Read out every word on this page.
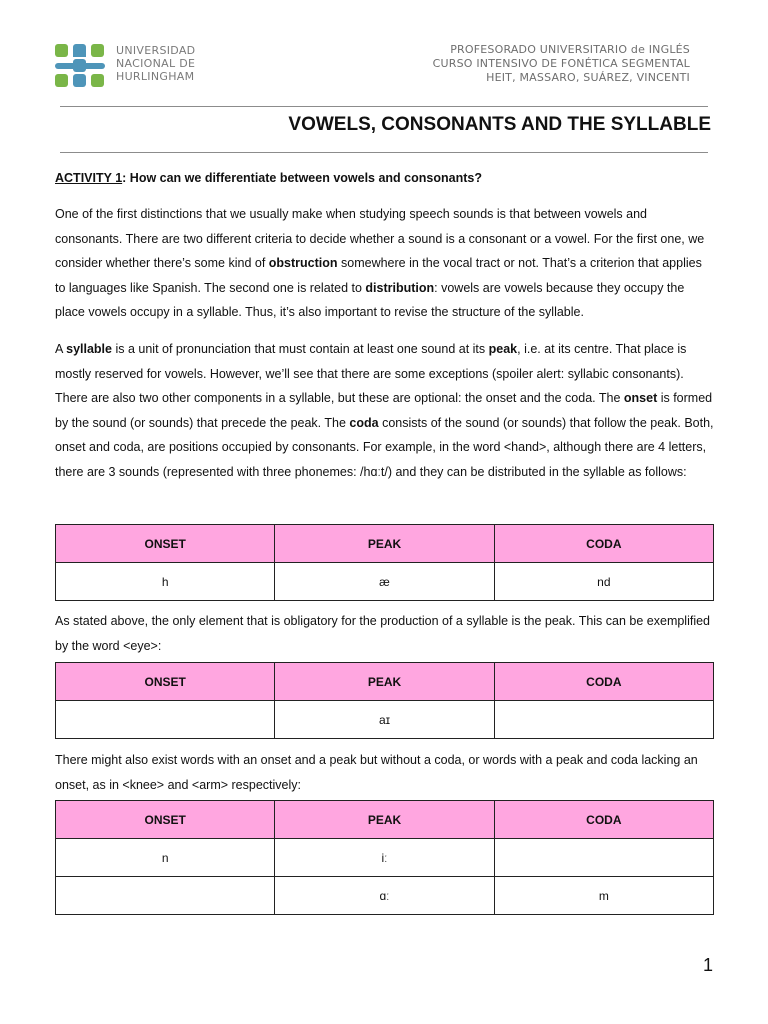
UNIVERSIDAD
NACIONAL DE
HURLINGHAM
PROFESORADO UNIVERSITARIO de INGLÉS
CURSO INTENSIVO DE FONÉTICA SEGMENTAL
HEIT, MASSARO, SUÁREZ, VINCENTI
VOWELS, CONSONANTS AND THE SYLLABLE
ACTIVITY 1: How can we differentiate between vowels and consonants?

One of the first distinctions that we usually make when studying speech sounds is that between vowels and consonants. There are two different criteria to decide whether a sound is a consonant or a vowel. For the first one, we consider whether there’s some kind of obstruction somewhere in the vocal tract or not. That’s a criterion that applies to languages like Spanish. The second one is related to distribution: vowels are vowels because they occupy the place vowels occupy in a syllable. Thus, it’s also important to revise the structure of the syllable.

A syllable is a unit of pronunciation that must contain at least one sound at its peak, i.e. at its centre. That place is mostly reserved for vowels. However, we’ll see that there are some exceptions (spoiler alert: syllabic consonants). There are also two other components in a syllable, but these are optional: the onset and the coda. The onset is formed by the sound (or sounds) that precede the peak. The coda consists of the sound (or sounds) that follow the peak. Both, onset and coda, are positions occupied by consonants. For example, in the word <hand>, although there are 4 letters, there are 3 sounds (represented with three phonemes: /hɑːt/) and they can be distributed in the syllable as follows:

ONSET	PEAK	CODA
h	æ	nd

As stated above, the only element that is obligatory for the production of a syllable is the peak. This can be exemplified by the word <eye>:

ONSET	PEAK	CODA
	aɪ	

There might also exist words with an onset and a peak but without a coda, or words with a peak and coda lacking an onset, as in <knee> and <arm> respectively:

ONSET	PEAK	CODA
n	iː	
	ɑː	m
1
